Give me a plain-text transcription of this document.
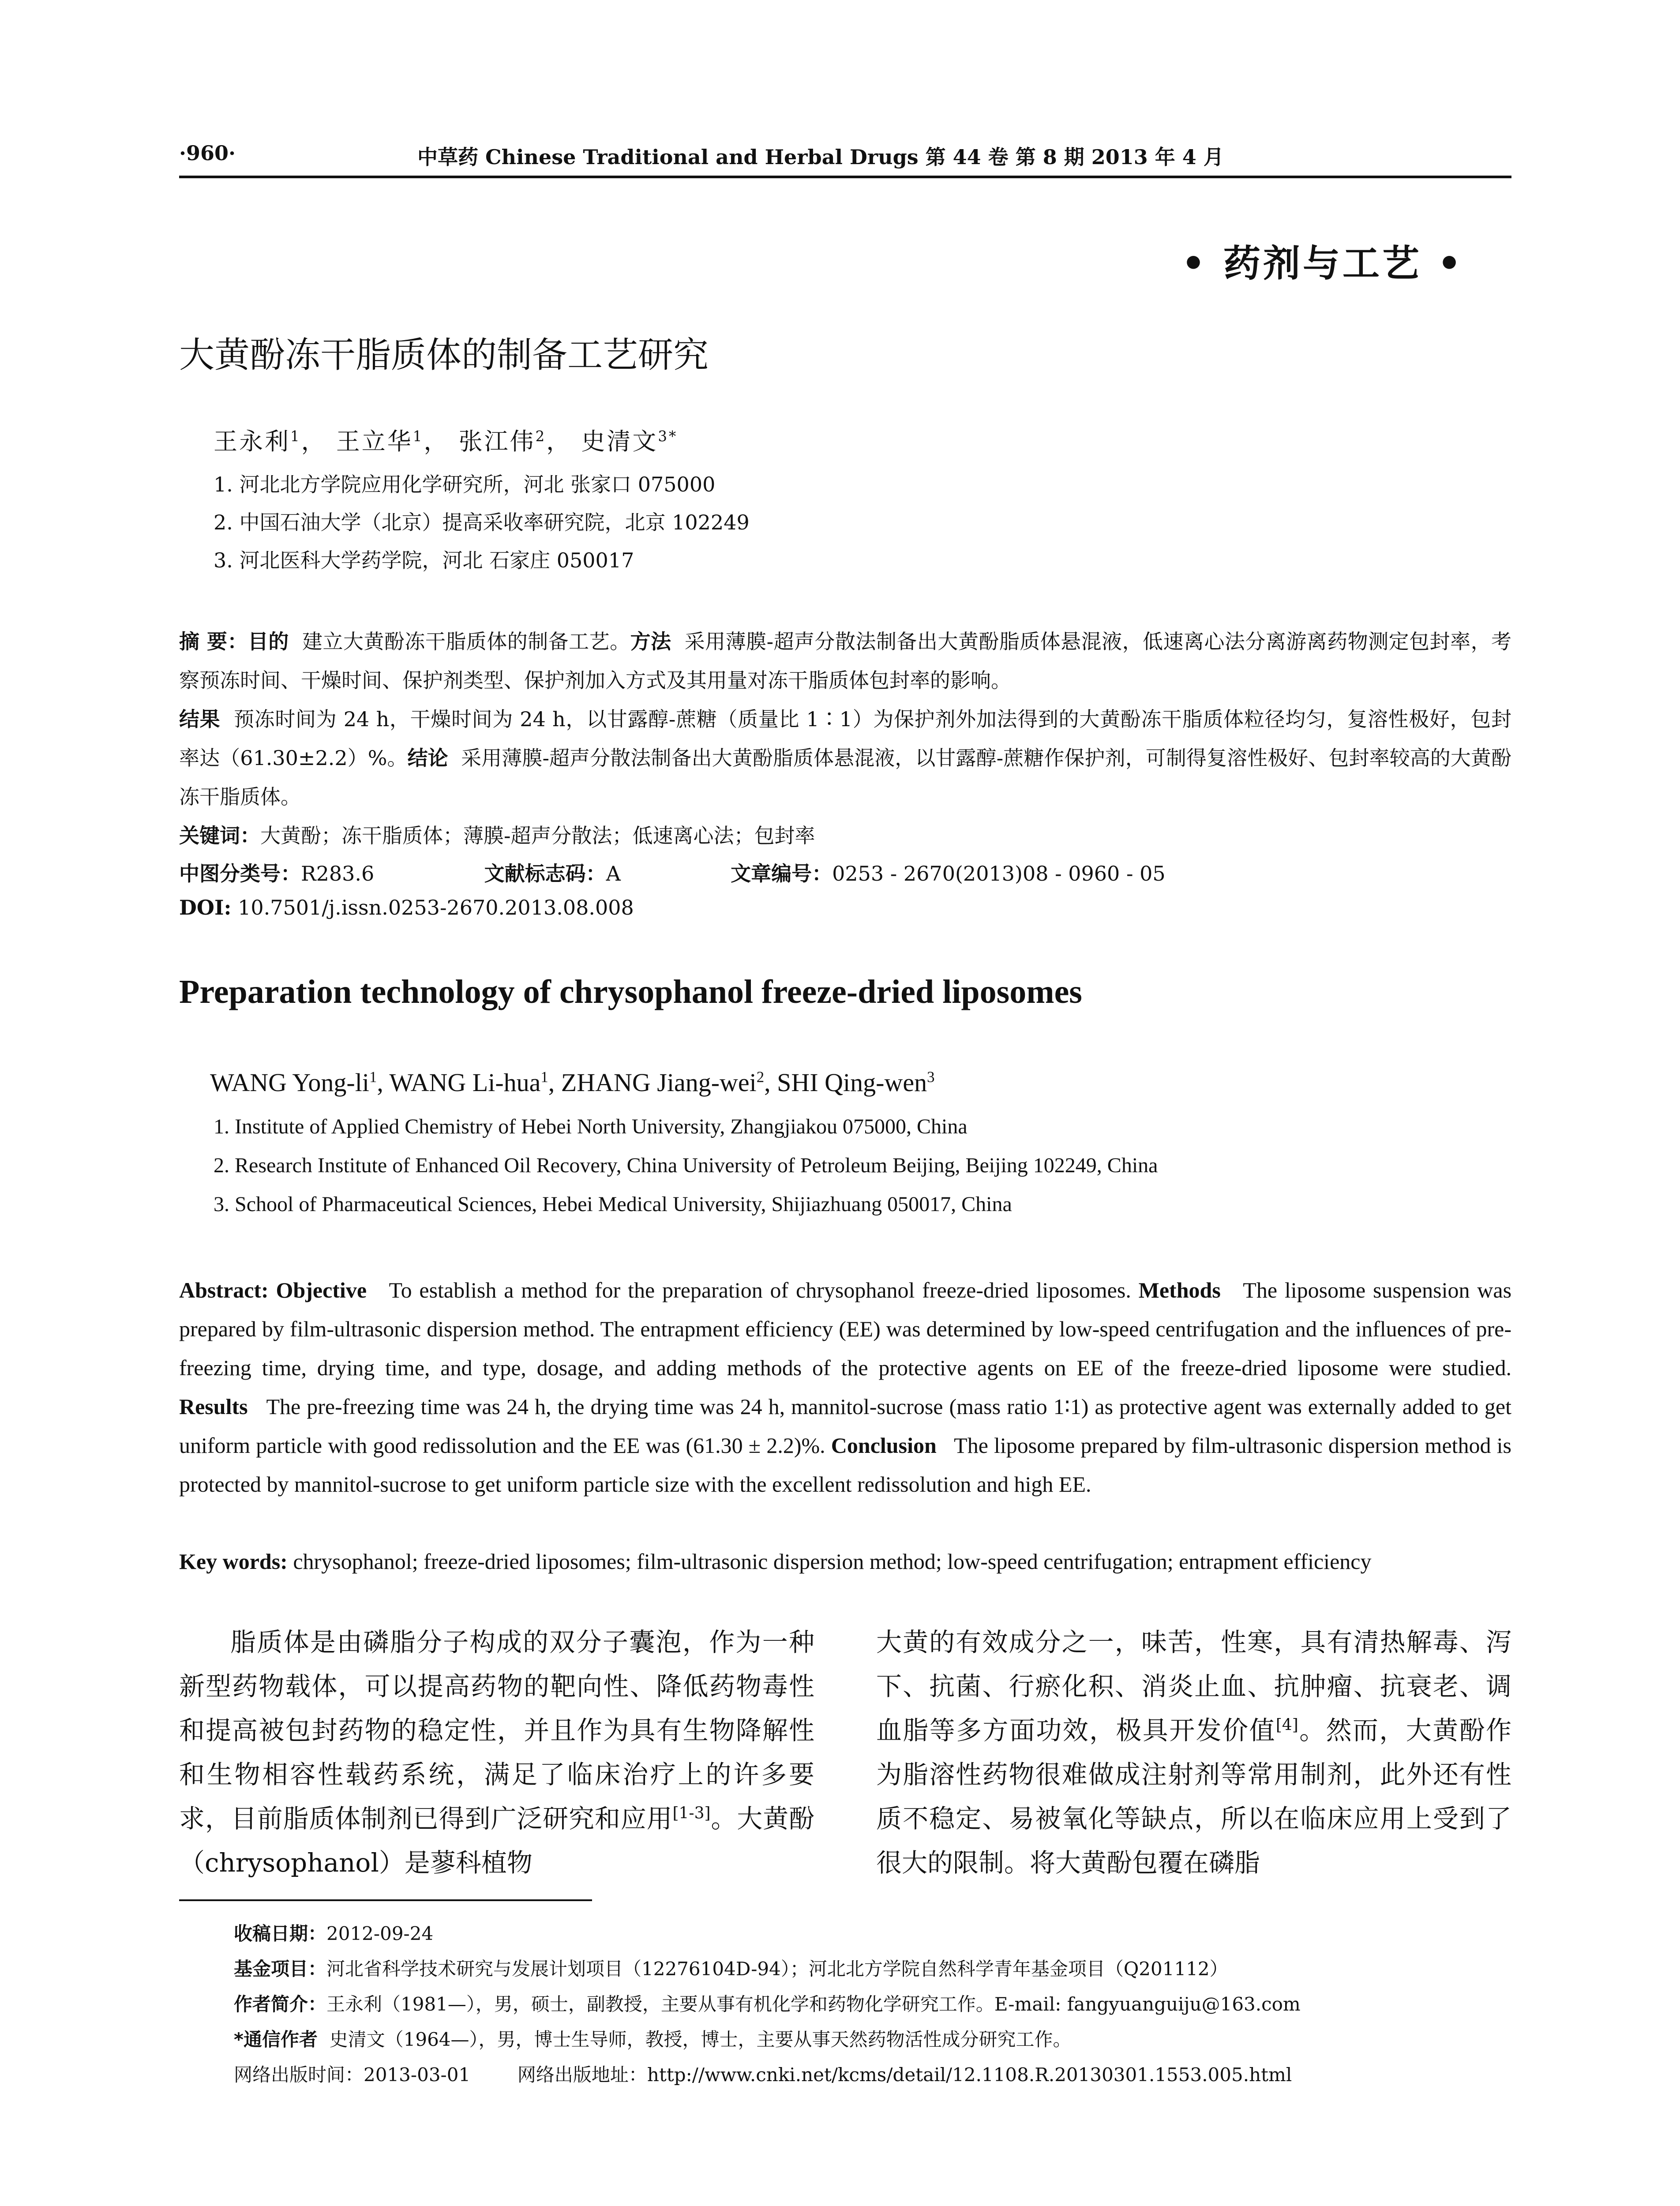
·960·	中草药 Chinese Traditional and Herbal Drugs 第 44 卷 第 8 期 2013 年 4 月
• 药剂与工艺 •
大黄酚冻干脂质体的制备工艺研究
王永利$^1$， 王立华$^1$， 张江伟$^2$， 史清文$^{3*}$
1. 河北北方学院应用化学研究所，河北 张家口 075000
2. 中国石油大学（北京）提高采收率研究院，北京 102249
3. 河北医科大学药学院，河北 石家庄 050017
摘 要：目的 建立大黄酚冻干脂质体的制备工艺。方法 采用薄膜-超声分散法制备出大黄酚脂质体悬混液，低速离心法分离游离药物测定包封率，考察预冻时间、干燥时间、保护剂类型、保护剂加入方式及其用量对冻干脂质体包封率的影响。
结果 预冻时间为 24 h，干燥时间为 24 h，以甘露醇-蔗糖（质量比 1∶1）为保护剂外加法得到的大黄酚冻干脂质体粒径均匀，复溶性极好，包封率达（61.30±2.2）%。结论 采用薄膜-超声分散法制备出大黄酚脂质体悬混液，以甘露醇-蔗糖作保护剂，可制得复溶性极好、包封率较高的大黄酚冻干脂质体。
关键词：大黄酚；冻干脂质体；薄膜-超声分散法；低速离心法；包封率
中图分类号：R283.6	文献标志码：A	文章编号：0253 - 2670(2013)08 - 0960 - 05
DOI: 10.7501/j.issn.0253-2670.2013.08.008
Preparation technology of chrysophanol freeze-dried liposomes
WANG Yong-$li^1$, WANG Li-hua$^1$, ZHANG Jiang-wei$^2$, SHI Qing-wen$^3$
1. Institute of Applied Chemistry of Hebei North University, Zhangjiakou 075000, China
2. Research Institute of Enhanced Oil Recovery, China University of Petroleum Beijing, Beijing 102249, China
3. School of Pharmaceutical Sciences, Hebei Medical University, Shijiazhuang 050017, China
Abstract: Objective To establish a method for the preparation of chrysophanol freeze-dried liposomes. Methods The liposome suspension was prepared by film-ultrasonic dispersion method. The entrapment efficiency (EE) was determined by low-speed centrifugation and the influences of pre-freezing time, drying time, and type, dosage, and adding methods of the protective agents on EE of the freeze-dried liposome were studied. Results The pre-freezing time was 24 h, the drying time was 24 h, mannitol-sucrose (mass ratio 1∶1) as protective agent was externally added to get uniform particle with good redissolution and the EE was (61.30 ± 2.2)%. Conclusion The liposome prepared by film-ultrasonic dispersion method is protected by mannitol-sucrose to get uniform particle size with the excellent redissolution and high EE.
Key words: chrysophanol; freeze-dried liposomes; film-ultrasonic dispersion method; low-speed centrifugation; entrapment efficiency
脂质体是由磷脂分子构成的双分子囊泡，作为一种新型药物载体，可以提高药物的靶向性、降低药物毒性和提高被包封药物的稳定性，并且作为具有生物降解性和生物相容性载药系统，满足了临床治疗上的许多要求，目前脂质体制剂已得到广泛研究和应用[1-3]。大黄酚（chrysophanol）是蓼科植物
大黄的有效成分之一，味苦，性寒，具有清热解毒、泻下、抗菌、行瘀化积、消炎止血、抗肿瘤、抗衰老、调血脂等多方面功效，极具开发价值[4]。然而，大黄酚作为脂溶性药物很难做成注射剂等常用制剂，此外还有性质不稳定、易被氧化等缺点，所以在临床应用上受到了很大的限制。将大黄酚包覆在磷脂
收稿日期：2012-09-24
基金项目：河北省科学技术研究与发展计划项目（12276104D-94）；河北北方学院自然科学青年基金项目（Q201112）
作者简介：王永利（1981—），男，硕士，副教授，主要从事有机化学和药物化学研究工作。E-mail: fangyuanguiju@163.com
*通信作者 史清文（1964—），男，博士生导师，教授，博士，主要从事天然药物活性成分研究工作。
网络出版时间：2013-03-01	网络出版地址：http://www.cnki.net/kcms/detail/12.1108.R.20130301.1553.005.html
